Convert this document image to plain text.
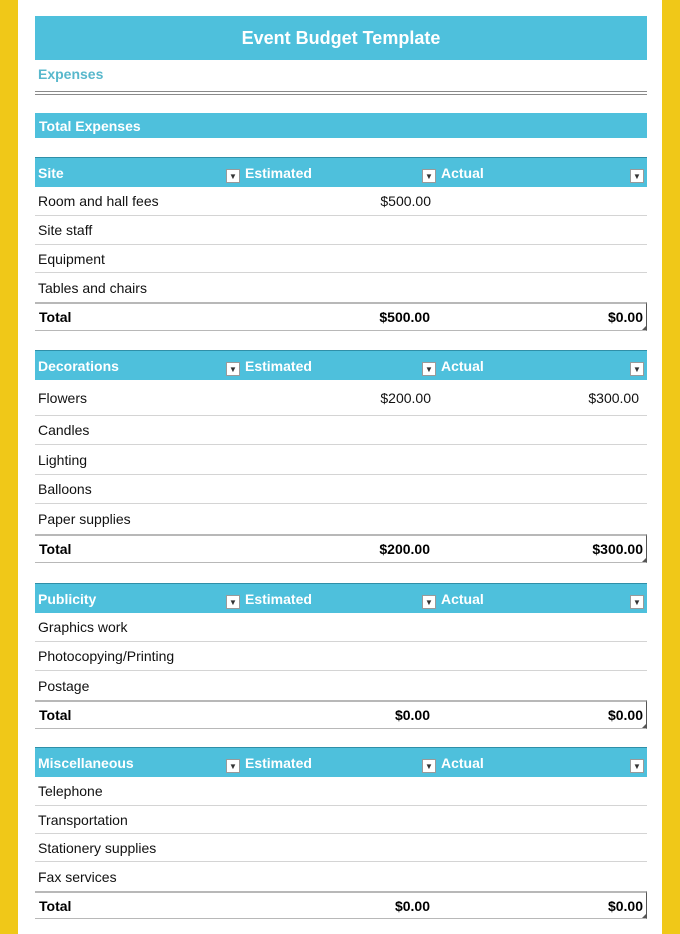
Event Budget Template
Expenses
Total Expenses
Site	▼ Estimated	▼ Actual	▼
Room and hall fees	$500.00
Site staff
Equipment
Tables and chairs
Total	$500.00	$0.00
Decorations	▼ Estimated	▼ Actual	▼
Flowers	$200.00	$300.00
Candles
Lighting
Balloons
Paper supplies
Total	$200.00	$300.00
Publicity	▼ Estimated	▼ Actual	▼
Graphics work
Photocopying/Printing
Postage
Total	$0.00	$0.00
Miscellaneous	▼ Estimated	▼ Actual	▼
Telephone
Transportation
Stationery supplies
Fax services
Total	$0.00	$0.00
